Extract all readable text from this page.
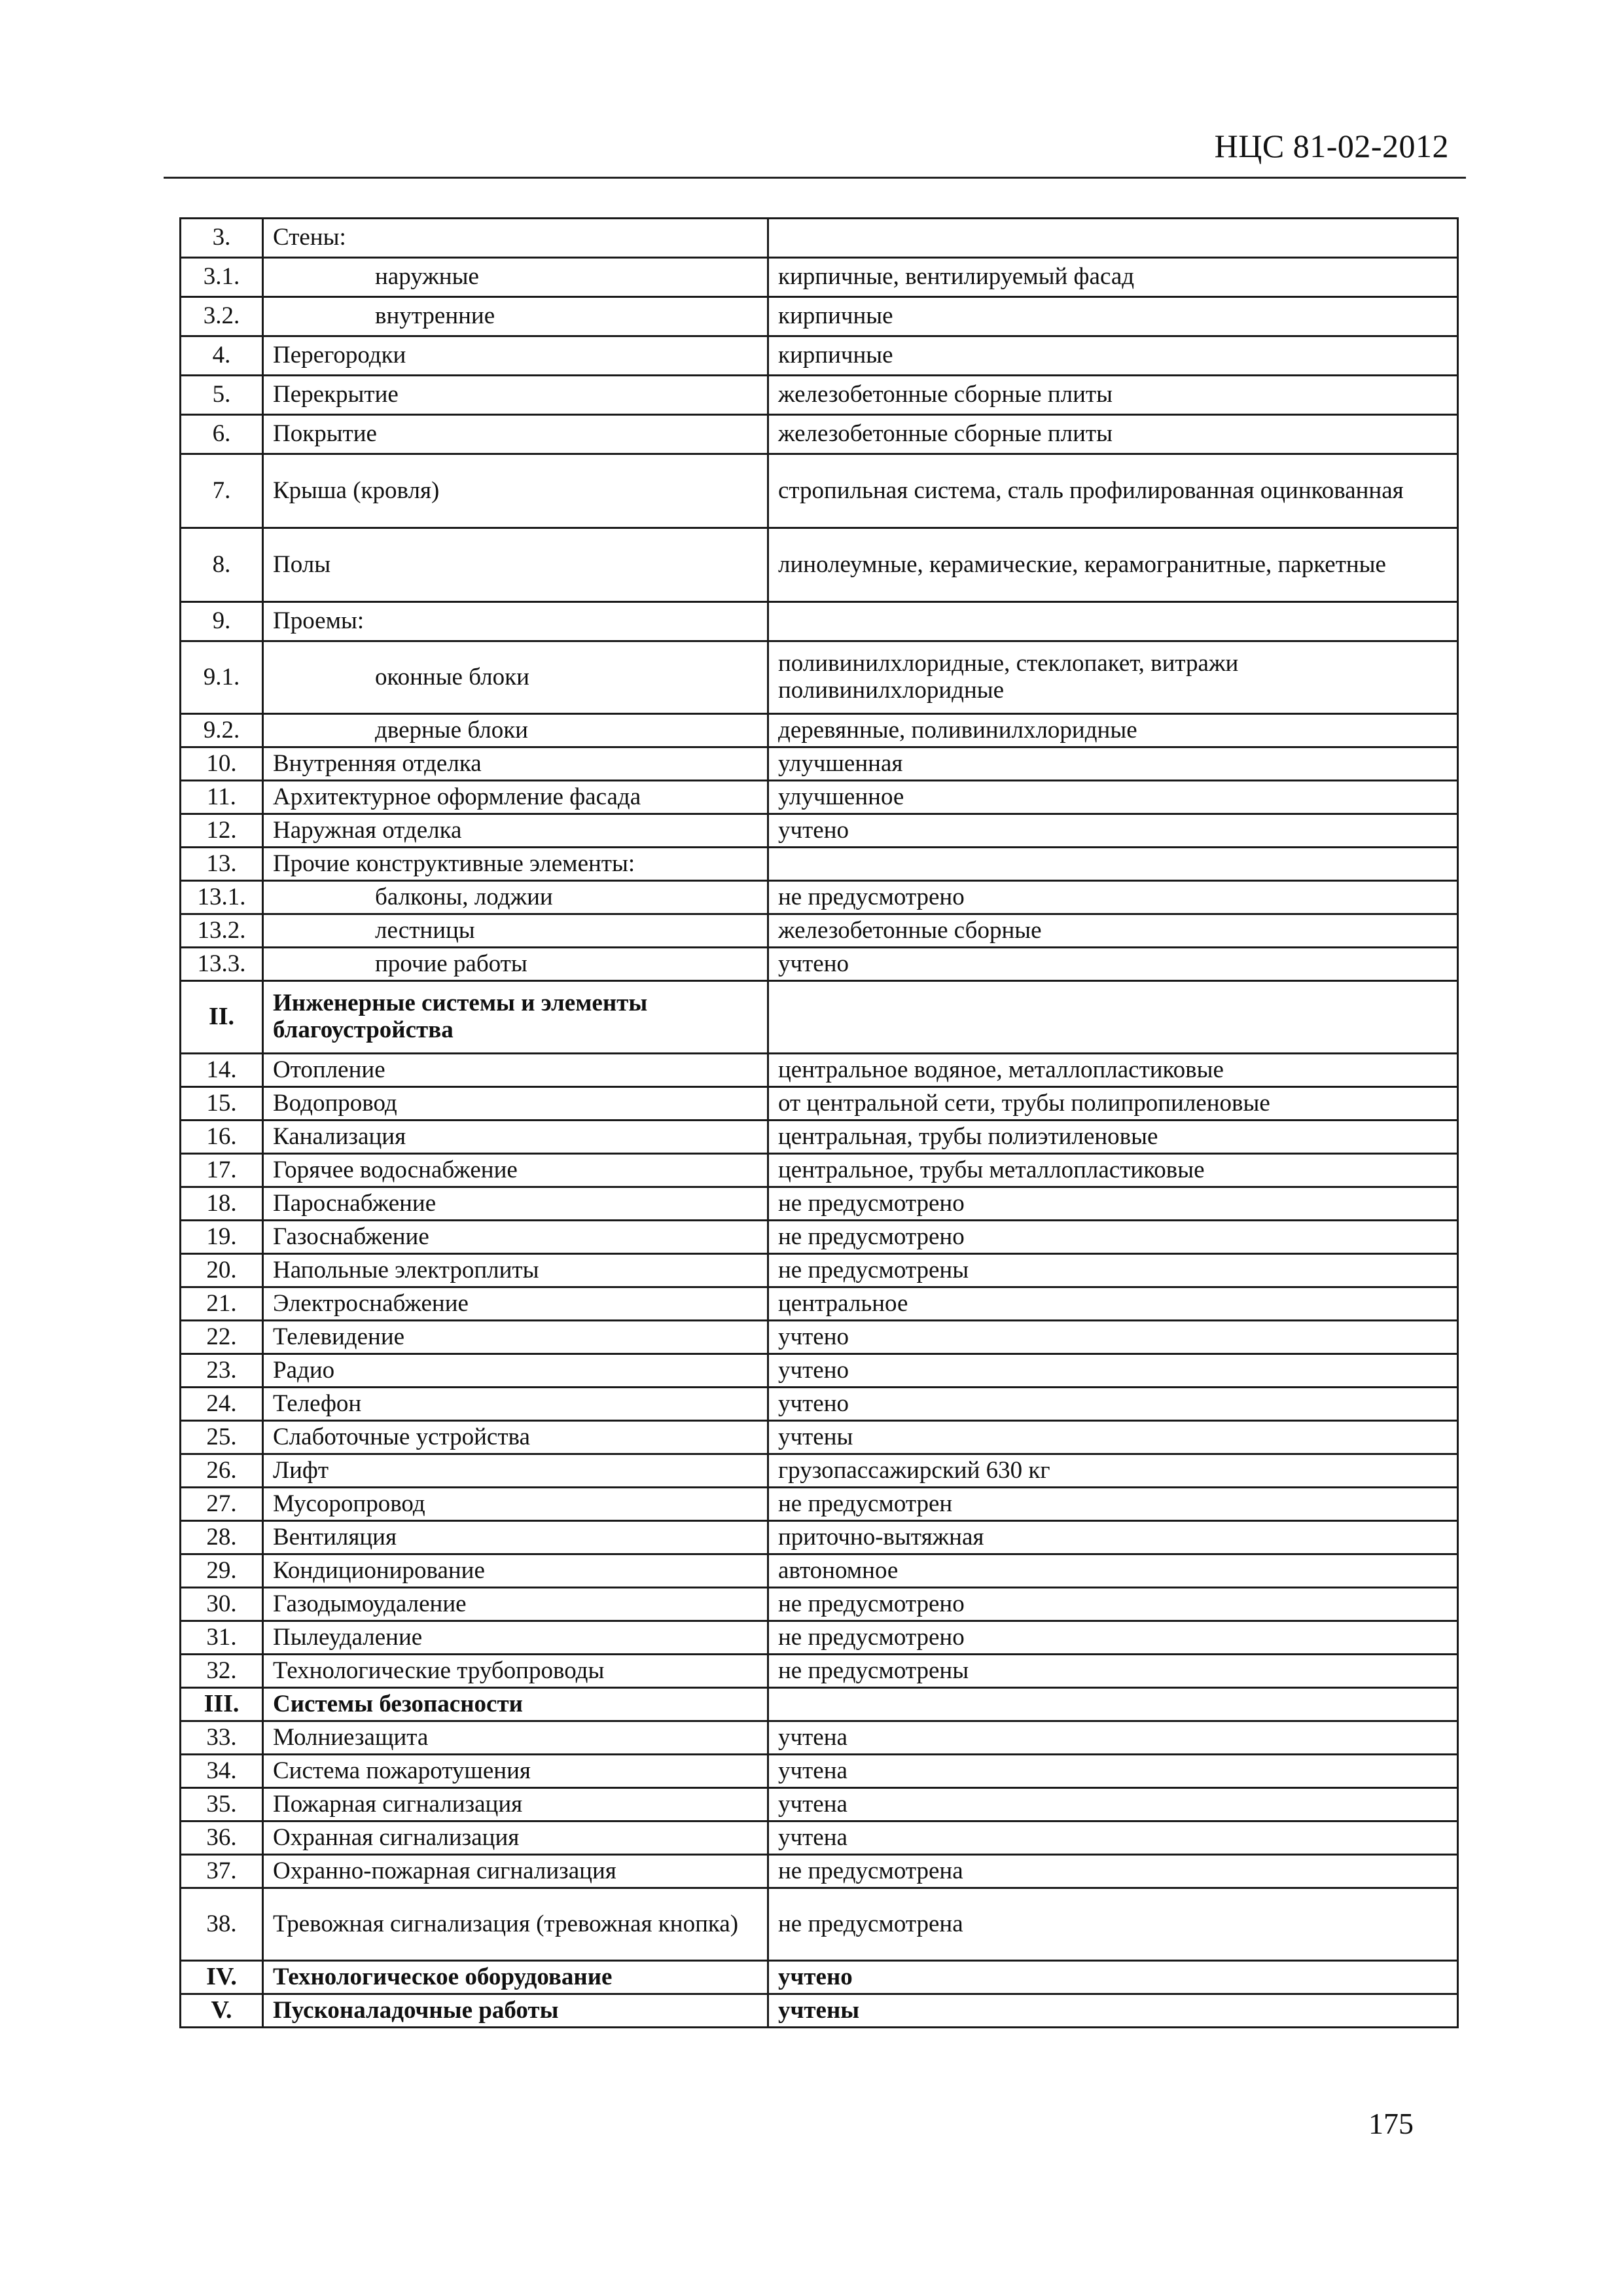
НЦС 81-02-2012
3.	Стены:	
3.1.	наружные	кирпичные, вентилируемый фасад
3.2.	внутренние	кирпичные
4.	Перегородки	кирпичные
5.	Перекрытие	железобетонные сборные плиты
6.	Покрытие	железобетонные сборные плиты
7.	Крыша (кровля)	стропильная система, сталь профилированная оцинкованная
8.	Полы	линолеумные, керамические, керамогранитные, паркетные
9.	Проемы:	
9.1.	оконные блоки	поливинилхлоридные, стеклопакет, витражи поливинилхлоридные
9.2.	дверные блоки	деревянные, поливинилхлоридные
10.	Внутренняя отделка	улучшенная
11.	Архитектурное оформление фасада	улучшенное
12.	Наружная отделка	учтено
13.	Прочие конструктивные элементы:	
13.1.	балконы, лоджии	не предусмотрено
13.2.	лестницы	железобетонные сборные
13.3.	прочие работы	учтено
II.	Инженерные системы и элементы благоустройства	
14.	Отопление	центральное водяное, металлопластиковые
15.	Водопровод	от центральной сети, трубы полипропиленовые
16.	Канализация	центральная, трубы полиэтиленовые
17.	Горячее водоснабжение	центральное, трубы металлопластиковые
18.	Пароснабжение	не предусмотрено
19.	Газоснабжение	не предусмотрено
20.	Напольные электроплиты	не предусмотрены
21.	Электроснабжение	центральное
22.	Телевидение	учтено
23.	Радио	учтено
24.	Телефон	учтено
25.	Слаботочные устройства	учтены
26.	Лифт	грузопассажирский 630 кг
27.	Мусоропровод	не предусмотрен
28.	Вентиляция	приточно-вытяжная
29.	Кондиционирование	автономное
30.	Газодымоудаление	не предусмотрено
31.	Пылеудаление	не предусмотрено
32.	Технологические трубопроводы	не предусмотрены
III.	Системы безопасности	
33.	Молниезащита	учтена
34.	Система пожаротушения	учтена
35.	Пожарная сигнализация	учтена
36.	Охранная сигнализация	учтена
37.	Охранно-пожарная сигнализация	не предусмотрена
38.	Тревожная сигнализация (тревожная кнопка)	не предусмотрена
IV.	Технологическое оборудование	учтено
V.	Пусконаладочные работы	учтены
175
